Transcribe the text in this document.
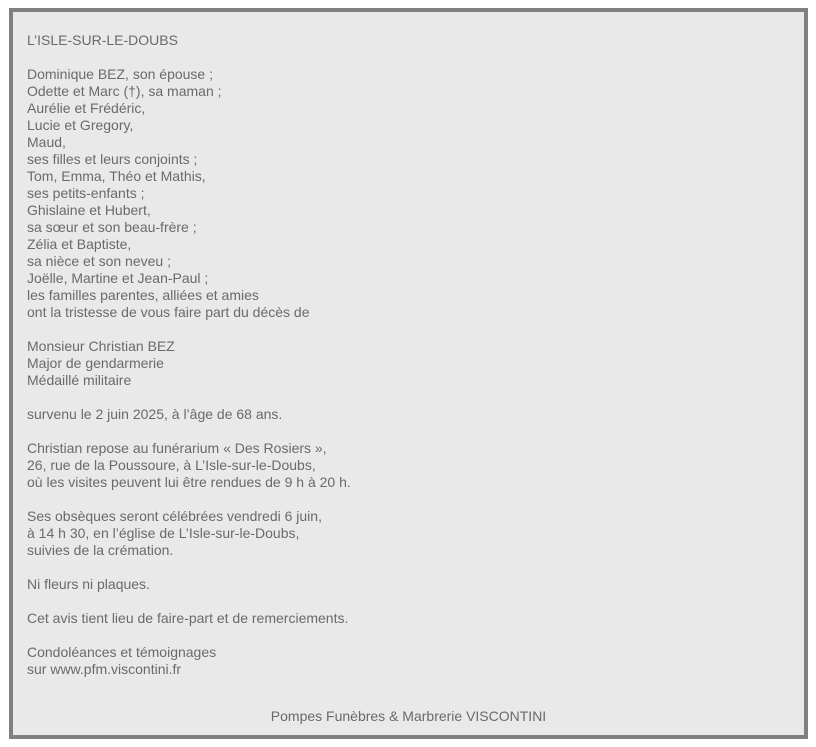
L’ISLE-SUR-LE-DOUBS
Dominique BEZ, son épouse ;
Odette et Marc (†), sa maman ;
Aurélie et Frédéric,
Lucie et Gregory,
Maud,
ses filles et leurs conjoints ;
Tom, Emma, Théo et Mathis,
ses petits-enfants ;
Ghislaine et Hubert,
sa sœur et son beau-frère ;
Zélia et Baptiste,
sa nièce et son neveu ;
Joëlle, Martine et Jean-Paul ;
les familles parentes, alliées et amies
ont la tristesse de vous faire part du décès de
Monsieur Christian BEZ
Major de gendarmerie
Médaillé militaire
survenu le 2 juin 2025, à l’âge de 68 ans.
Christian repose au funérarium « Des Rosiers »,
26, rue de la Poussoure, à L’Isle-sur-le-Doubs,
où les visites peuvent lui être rendues de 9 h à 20 h.
Ses obsèques seront célébrées vendredi 6 juin,
à 14 h 30, en l’église de L’Isle-sur-le-Doubs,
suivies de la crémation.
Ni fleurs ni plaques.
Cet avis tient lieu de faire-part et de remerciements.
Condoléances et témoignages
sur www.pfm.viscontini.fr
Pompes Funèbres & Marbrerie VISCONTINI
